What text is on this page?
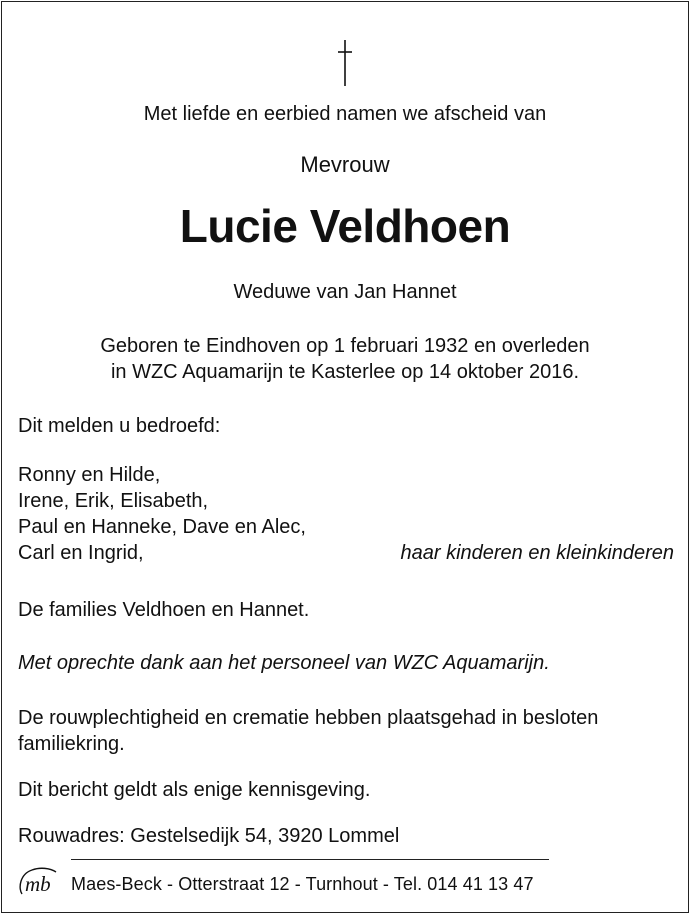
Met liefde en eerbied namen we afscheid van
Mevrouw
Lucie Veldhoen
Weduwe van Jan Hannet
Geboren te Eindhoven op 1 februari 1932 en overleden
in WZC Aquamarijn te Kasterlee op 14 oktober 2016.
Dit melden u bedroefd:
Ronny en Hilde,
Irene, Erik, Elisabeth,
Paul en Hanneke, Dave en Alec,
Carl en Ingrid,	haar kinderen en kleinkinderen
De families Veldhoen en Hannet.
Met oprechte dank aan het personeel van WZC Aquamarijn.
De rouwplechtigheid en crematie hebben plaatsgehad in besloten
familiekring.
Dit bericht geldt als enige kennisgeving.
Rouwadres: Gestelsedijk 54, 3920 Lommel
mb Maes-Beck - Otterstraat 12 - Turnhout - Tel. 014 41 13 47
